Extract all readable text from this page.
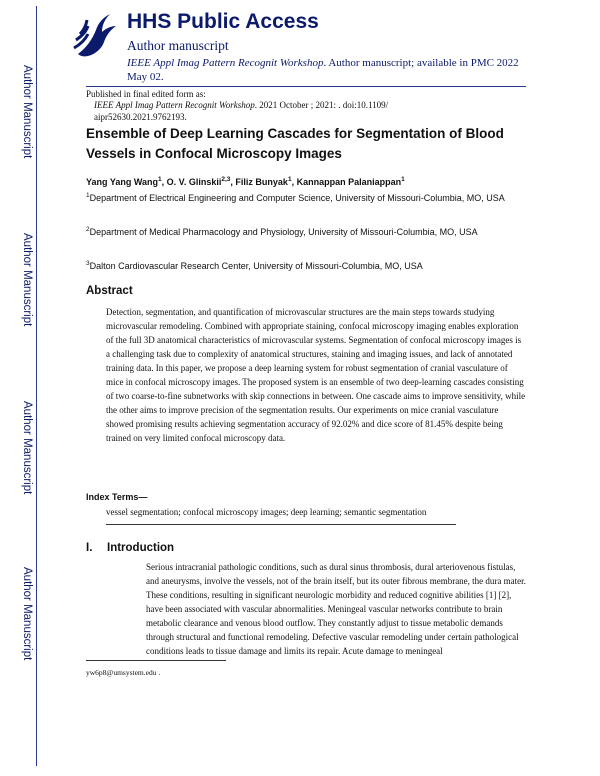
Author Manuscript
Author Manuscript
Author Manuscript
Author Manuscript
HHS Public Access
Author manuscript
IEEE Appl Imag Pattern Recognit Workshop. Author manuscript; available in PMC 2022 May 02.
Published in final edited form as:
IEEE Appl Imag Pattern Recognit Workshop. 2021 October ; 2021: . doi:10.1109/ aipr52630.2021.9762193.
Ensemble of Deep Learning Cascades for Segmentation of Blood Vessels in Confocal Microscopy Images
Yang Yang Wang$^1$, O. V. Glinskii$^{2,3}$, Filiz Bunyak$^1$, Kannappan Palaniappan$^1$
$^1$Department of Electrical Engineering and Computer Science, University of Missouri-Columbia, MO, USA
$^2$Department of Medical Pharmacology and Physiology, University of Missouri-Columbia, MO, USA
$^3$Dalton Cardiovascular Research Center, University of Missouri-Columbia, MO, USA
Abstract
Detection, segmentation, and quantification of microvascular structures are the main steps towards studying microvascular remodeling. Combined with appropriate staining, confocal microscopy imaging enables exploration of the full 3D anatomical characteristics of microvascular systems. Segmentation of confocal microscopy images is a challenging task due to complexity of anatomical structures, staining and imaging issues, and lack of annotated training data. In this paper, we propose a deep learning system for robust segmentation of cranial vasculature of mice in confocal microscopy images. The proposed system is an ensemble of two deep-learning cascades consisting of two coarse-to-fine subnetworks with skip connections in between. One cascade aims to improve sensitivity, while the other aims to improve precision of the segmentation results. Our experiments on mice cranial vasculature showed promising results achieving segmentation accuracy of 92.02% and dice score of 81.45% despite being trained on very limited confocal microscopy data.
Index Terms—
vessel segmentation; confocal microscopy images; deep learning; semantic segmentation
I. Introduction
Serious intracranial pathologic conditions, such as dural sinus thrombosis, dural arteriovenous fistulas, and aneurysms, involve the vessels, not of the brain itself, but its outer fibrous membrane, the dura mater. These conditions, resulting in significant neurologic morbidity and reduced cognitive abilities [1] [2], have been associated with vascular abnormalities. Meningeal vascular networks contribute to brain metabolic clearance and venous blood outflow. They constantly adjust to tissue metabolic demands through structural and functional remodeling. Defective vascular remodeling under certain pathological conditions leads to tissue damage and limits its repair. Acute damage to meningeal
yw6p8@umsystem.edu .
